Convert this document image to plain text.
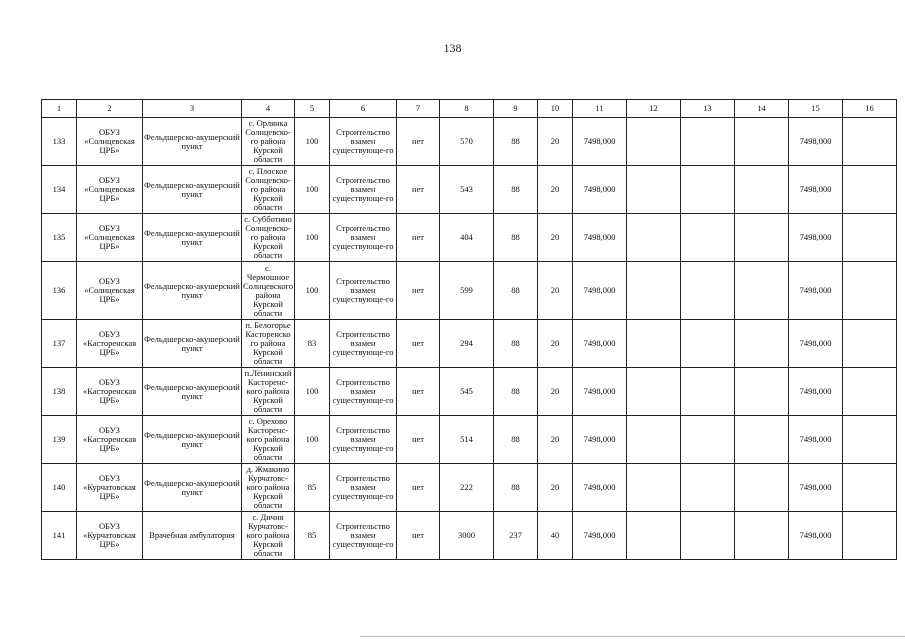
138
1	2	3	4	5	6	7	8	9	10	11	12	13	14	15	16
133	ОБУЗ «Солнцевская ЦРБ»	Фельдшерско-акушерский пункт	с. Орлянка Солнцевско-го района Курской области	100	Строительство взамен существующе-го	нет	570	88	20	7498,000				7498,000	
134	ОБУЗ «Солнцевская ЦРБ»	Фельдшерско-акушерский пункт	с. Плоское Солнцевско-го района Курской области	100	Строительство взамен существующе-го	нет	543	88	20	7498,000				7498,000	
135	ОБУЗ «Солнцевская ЦРБ»	Фельдшерско-акушерский пункт	с. Субботино Солнцевско-го района Курской области	100	Строительство взамен существующе-го	нет	404	88	20	7498,000				7498,000	
136	ОБУЗ «Солнцевская ЦРБ»	Фельдшерско-акушерский пункт	с. Чермошное Солнцевского района Курской области	100	Строительство взамен существующе-го	нет	599	88	20	7498,000				7498,000	
137	ОБУЗ «Касторенская ЦРБ»	Фельдшерско-акушерский пункт	п. Белогорье Касторенско го района Курской области	83	Строительство взамен существующе-го	нет	294	88	20	7498,000				7498,000	
138	ОБУЗ «Касторенская ЦРБ»	Фельдшерско-акушерский пункт	п.Ленинский Касторенс-кого района Курской области	100	Строительство взамен существующе-го	нет	545	88	20	7498,000				7498,000	
139	ОБУЗ «Касторенская ЦРБ»	Фельдшерско-акушерский пункт	с. Орехово Касторенс-кого района Курской области	100	Строительство взамен существующе-го	нет	514	88	20	7498,000				7498,000	
140	ОБУЗ «Курчатовская ЦРБ»	Фельдшерско-акушерский пункт	д. Жмакино Курчатовс-кого района Курской области	85	Строительство взамен существующе-го	нет	222	88	20	7498,000				7498,000	
141	ОБУЗ «Курчатовская ЦРБ»	Врачебная амбулатория	с. Дичня Курчатовс-кого района Курской области	85	Строительство взамен существующе-го	нет	3000	237	40	7498,000				7498,000	
